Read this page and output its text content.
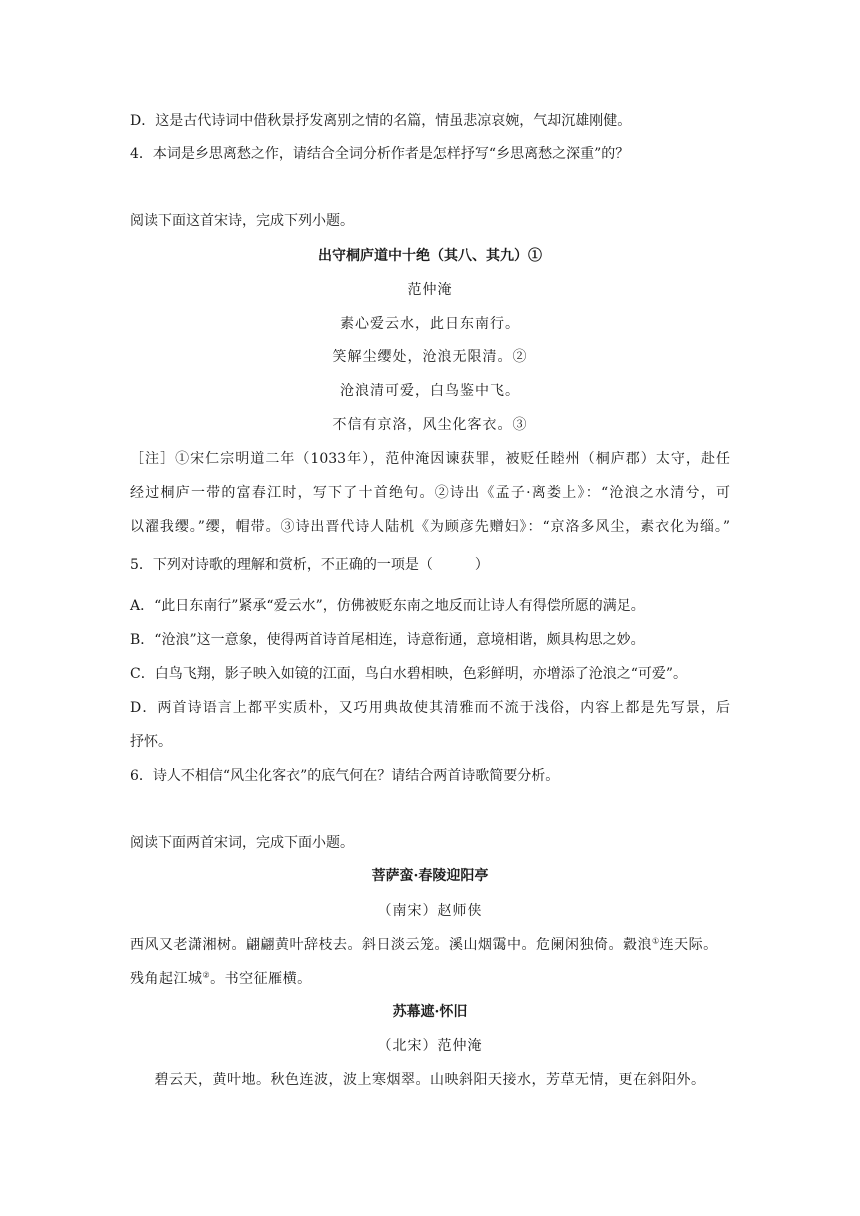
D．这是古代诗词中借秋景抒发离别之情的名篇，情虽悲凉哀婉，气却沉雄刚健。
4．本词是乡思离愁之作，请结合全词分析作者是怎样抒写“乡思离愁之深重”的？
阅读下面这首宋诗，完成下列小题。
出守桐庐道中十绝（其八、其九）①
范仲淹
素心爱云水，此日东南行。
笑解尘缨处，沧浪无限清。②
沧浪清可爱，白鸟鉴中飞。
不信有京洛，风尘化客衣。③
［注］①宋仁宗明道二年（1033年），范仲淹因谏获罪，被贬任睦州（桐庐郡）太守，赴任
经过桐庐一带的富春江时，写下了十首绝句。②诗出《孟子·离娄上》：“沧浪之水清兮，可
以濯我缨。”缨，帽带。③诗出晋代诗人陆机《为顾彦先赠妇》：“京洛多风尘，素衣化为缁。”
5．下列对诗歌的理解和赏析，不正确的一项是（　　　）
A．“此日东南行”紧承“爱云水”，仿佛被贬东南之地反而让诗人有得偿所愿的满足。
B．“沧浪”这一意象，使得两首诗首尾相连，诗意衔通，意境相谐，颇具构思之妙。
C．白鸟飞翔，影子映入如镜的江面，鸟白水碧相映，色彩鲜明，亦增添了沧浪之“可爱”。
D．两首诗语言上都平实质朴，又巧用典故使其清雅而不流于浅俗，内容上都是先写景，后
抒怀。
6．诗人不相信“风尘化客衣”的底气何在？请结合两首诗歌简要分析。
阅读下面两首宋词，完成下面小题。
菩萨蛮·春陵迎阳亭
（南宋）赵师侠
西风又老潇湘树。翩翩黄叶辞枝去。斜日淡云笼。溪山烟霭中。危阑闲独倚。縠浪①连天际。
残角起江城②。书空征雁横。
苏幕遮·怀旧
（北宋）范仲淹
碧云天，黄叶地。秋色连波，波上寒烟翠。山映斜阳天接水，芳草无情，更在斜阳外。
